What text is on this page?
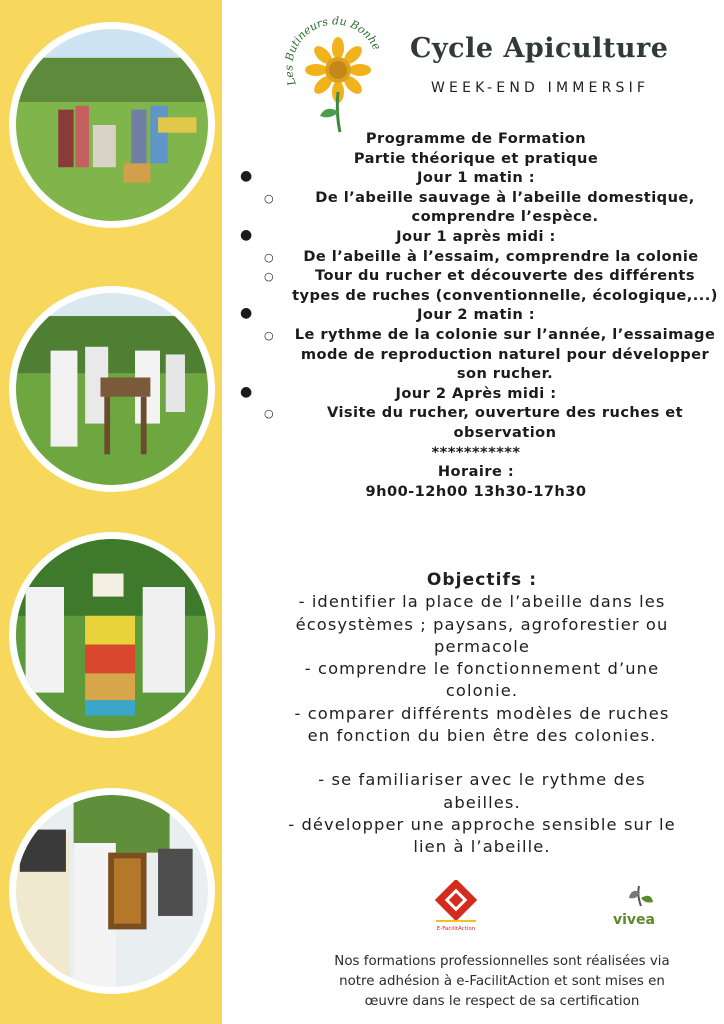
Les Butineurs du Bonhe Cycle Apiculture
WEEK-END IMMERSIF
Programme de Formation
Partie théorique et pratique
●	Jour 1 matin :
○	De l’abeille sauvage à l’abeille domestique, comprendre l’espèce.
●	Jour 1 après midi :
○ De l’abeille à l’essaim, comprendre la colonie
○	Tour du rucher et découverte des différents types de ruches (conventionnelle, écologique,...)
●	Jour 2 matin :
○ Le rythme de la colonie sur l’année, l’essaimage mode de reproduction naturel pour développer son rucher.
●	Jour 2 Après midi :
○	Visite du rucher, ouverture des ruches et observation
***********
Horaire :
9h00-12h00 13h30-17h30
Objectifs :
- identifier la place de l’abeille dans les
écosystèmes ; paysans, agroforestier ou
permacole
- comprendre le fonctionnement d’une
colonie.
- comparer différents modèles de ruches
en fonction du bien être des colonies.
- se familiariser avec le rythme des
abeilles.
- développer une approche sensible sur le
lien à l’abeille.
E-FacilitAction
vivea
Nos formations professionnelles sont réalisées via
notre adhésion à e-FacilitAction et sont mises en
œuvre dans le respect de sa certification
